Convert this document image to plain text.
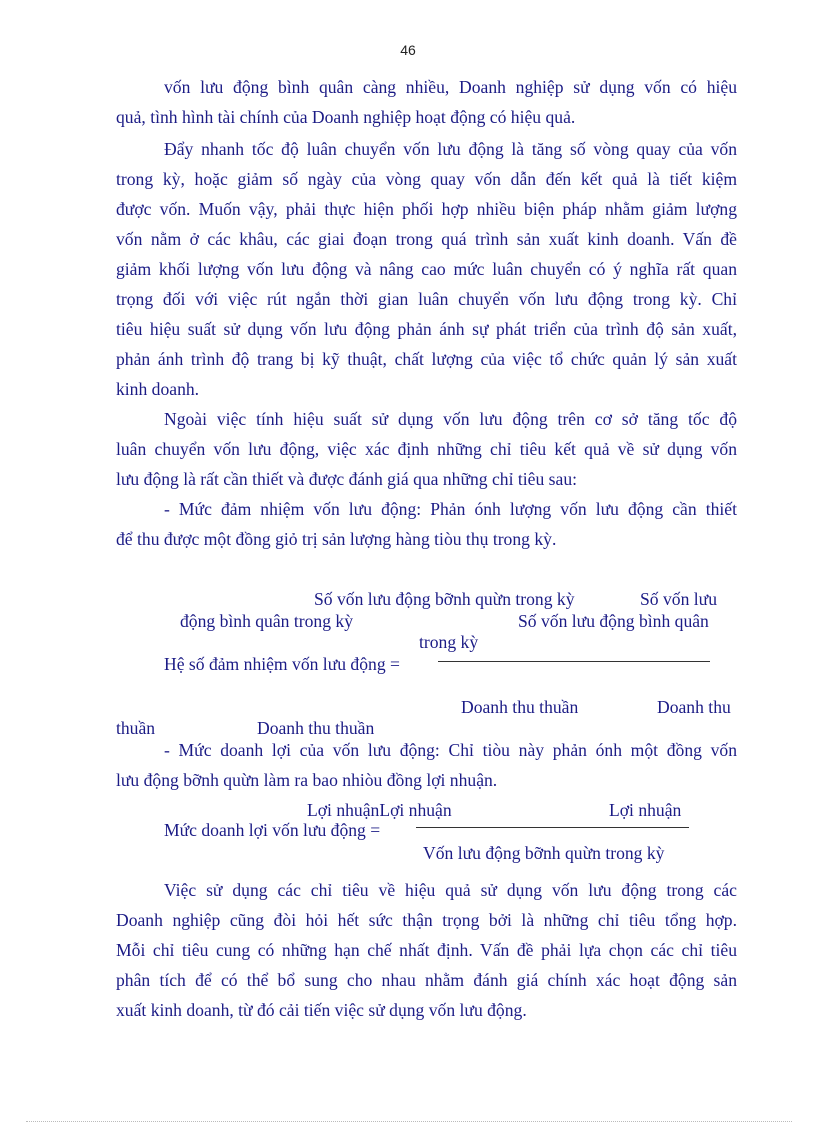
46
vốn lưu động bình quân càng nhiều, Doanh nghiệp sử dụng vốn có hiệu
quả, tình hình tài chính của Doanh nghiệp hoạt động có hiệu quả.
Đẩy nhanh tốc độ luân chuyển vốn lưu động là tăng số vòng quay của vốn
trong kỳ, hoặc giảm số ngày của vòng quay vốn dẫn đến kết quả là tiết kiệm
được vốn. Muốn vậy, phải thực hiện phối hợp nhiều biện pháp nhằm giảm lượng
vốn nằm ở các khâu, các giai đoạn trong quá trình sản xuất kinh doanh. Vấn đề
giảm khối lượng vốn lưu động và nâng cao mức luân chuyển có ý nghĩa rất quan
trọng đối với việc rút ngắn thời gian luân chuyển vốn lưu động trong kỳ. Chỉ
tiêu hiệu suất sử dụng vốn lưu động phản ánh sự phát triển của trình độ sản xuất,
phản ánh trình độ trang bị kỹ thuật, chất lượng của việc tổ chức quản lý sản xuất
kinh doanh.
Ngoài việc tính hiệu suất sử dụng vốn lưu động trên cơ sở tăng tốc độ
luân chuyển vốn lưu động, việc xác định những chỉ tiêu kết quả về sử dụng vốn
lưu động là rất cần thiết và được đánh giá qua những chỉ tiêu sau:
- Mức đảm nhiệm vốn lưu động: Phản ónh lượng vốn lưu động cần thiết
để thu được một đồng giỏ trị sản lượng hàng tiòu thụ trong kỳ.
Số vốn lưu động bỡnh quừn trong kỳ	Số vốn lưu
động bình quân trong kỳ	Số vốn lưu động bình quân
trong kỳ
Hệ số đảm nhiệm vốn lưu động =
Doanh thu thuần	Doanh thu
thuần	Doanh thu thuần
- Mức doanh lợi của vốn lưu động: Chỉ tiòu này phản ónh một đồng vốn
lưu động bỡnh quừn làm ra bao nhiòu đồng lợi nhuận.
Lợi nhuậnLợi nhuận	Lợi nhuận
Mức doanh lợi vốn lưu động =
Vốn lưu động bỡnh quừn trong kỳ
Việc sử dụng các chỉ tiêu về hiệu quả sử dụng vốn lưu động trong các
Doanh nghiệp cũng đòi hỏi hết sức thận trọng bởi là những chỉ tiêu tổng hợp.
Mỗi chỉ tiêu cung có những hạn chế nhất định. Vấn đề phải lựa chọn các chỉ tiêu
phân tích để có thể bổ sung cho nhau nhằm đánh giá chính xác hoạt động sản
xuất kinh doanh, từ đó cải tiến việc sử dụng vốn lưu động.
